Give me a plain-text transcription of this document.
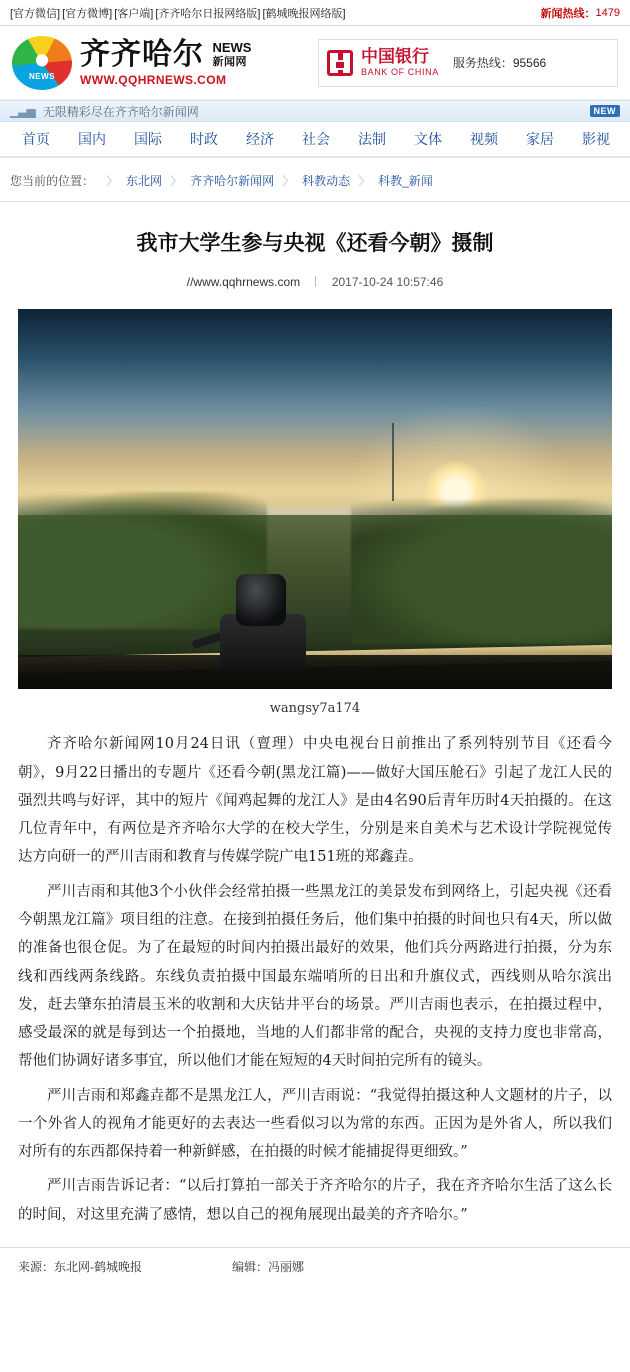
[官方微信] [官方微博] [客户端] [齐齐哈尔日报网络版] [鹤城晚报网络版]	新闻热线： 1479
NEWS
齐齐哈尔 NEWS
新闻网
WWW.QQHRNEWS.COM
中国银行
BANK OF CHINA
服务热线：95566
▁▃▅ 无限精彩尽在齐齐哈尔新闻网	NEW
首页	国内	国际	时政	经济	社会	法制	文体	视频	家居	影视
您当前的位置： 〉 东北网 〉 齐齐哈尔新闻网 〉 科教动态 〉 科教_新闻
我市大学生参与央视《还看今朝》摄制
//www.qqhrnews.com	2017-10-24 10:57:46
wangsy7a174

齐齐哈尔新闻网10月24日讯（亶理）中央电视台日前推出了系列特别节目《还看今朝》，9月22日播出的专题片《还看今朝(黑龙江篇)——做好大国压舱石》引起了龙江人民的强烈共鸣与好评，其中的短片《闻鸡起舞的龙江人》是由4名90后青年历时4天拍摄的。在这几位青年中，有两位是齐齐哈尔大学的在校大学生，分别是来自美术与艺术设计学院视觉传达方向研一的严川吉雨和教育与传媒学院广电151班的郑鑫垚。

严川吉雨和其他3个小伙伴会经常拍摄一些黑龙江的美景发布到网络上，引起央视《还看今朝黑龙江篇》项目组的注意。在接到拍摄任务后，他们集中拍摄的时间也只有4天，所以做的准备也很仓促。为了在最短的时间内拍摄出最好的效果，他们兵分两路进行拍摄，分为东线和西线两条线路。东线负责拍摄中国最东端哨所的日出和升旗仪式，西线则从哈尔滨出发，赶去肇东拍清晨玉米的收割和大庆钻井平台的场景。严川吉雨也表示，在拍摄过程中，感受最深的就是每到达一个拍摄地，当地的人们都非常的配合，央视的支持力度也非常高，帮他们协调好诸多事宜，所以他们才能在短短的4天时间拍完所有的镜头。

严川吉雨和郑鑫垚都不是黑龙江人，严川吉雨说：“我觉得拍摄这种人文题材的片子，以一个外省人的视角才能更好的去表达一些看似习以为常的东西。正因为是外省人，所以我们对所有的东西都保持着一种新鲜感，在拍摄的时候才能捕捉得更细致。”

严川吉雨告诉记者：“以后打算拍一部关于齐齐哈尔的片子，我在齐齐哈尔生活了这么长的时间，对这里充满了感情，想以自己的视角展现出最美的齐齐哈尔。”

来源：东北网-鹤城晚报	编辑：冯丽娜
